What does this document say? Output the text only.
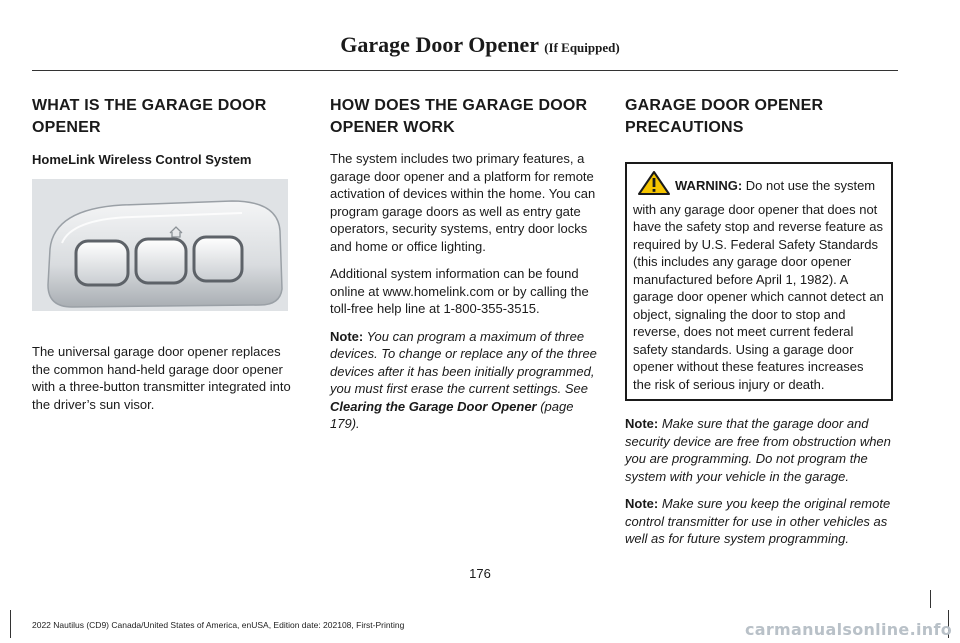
Garage Door Opener (If Equipped)
WHAT IS THE GARAGE DOOR
OPENER
HomeLink Wireless Control System

The universal garage door opener replaces the common hand-held garage door opener with a three-button transmitter integrated into the driver’s sun visor.

HOW DOES THE GARAGE DOOR
OPENER WORK

The system includes two primary features, a garage door opener and a platform for remote activation of devices within the home. You can program garage doors as well as entry gate operators, security systems, entry door locks and home or office lighting.

Additional system information can be found online at www.homelink.com or by calling the toll-free help line at 1-800-355-3515.

Note: You can program a maximum of three devices. To change or replace any of the three devices after it has been initially programmed, you must first erase the current settings. See Clearing the Garage Door Opener (page 179).

GARAGE DOOR OPENER
PRECAUTIONS
WARNING: Do not use the system with any garage door opener that does not have the safety stop and reverse feature as required by U.S. Federal Safety Standards (this includes any garage door opener manufactured before April 1, 1982). A garage door opener which cannot detect an object, signaling the door to stop and reverse, does not meet current federal safety standards. Using a garage door opener without these features increases the risk of serious injury or death.

Note: Make sure that the garage door and security device are free from obstruction when you are programming. Do not program the system with your vehicle in the garage.

Note: Make sure you keep the original remote control transmitter for use in other vehicles as well as for future system programming.

176
2022 Nautilus (CD9) Canada/United States of America, enUSA, Edition date: 202108, First-Printing	carmanualsonline.info
